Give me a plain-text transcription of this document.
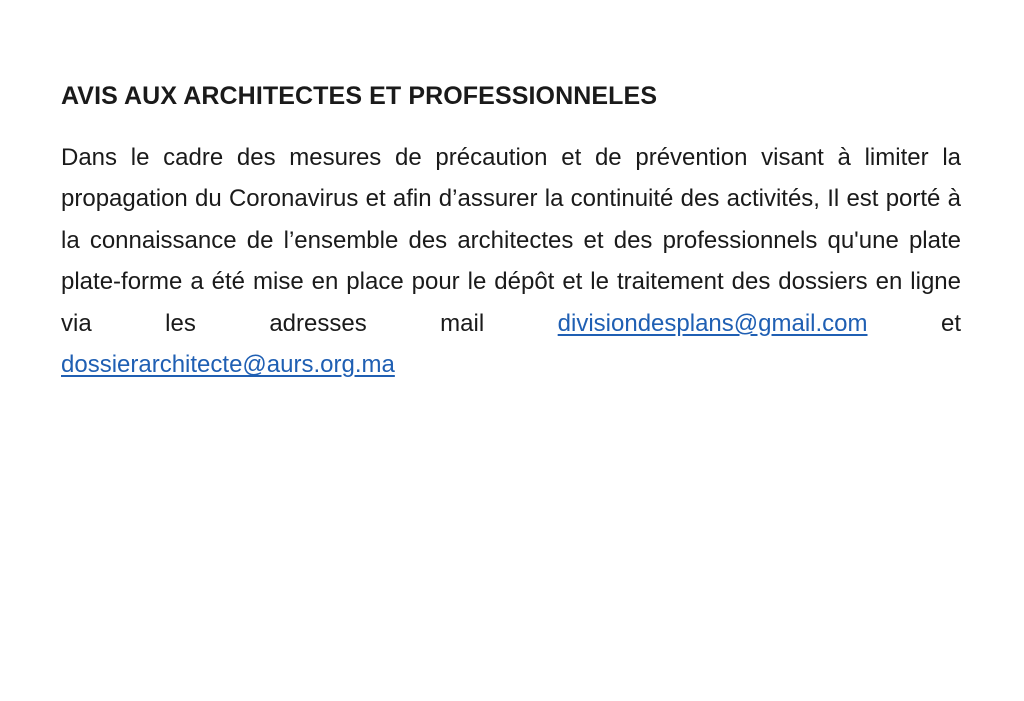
AVIS AUX ARCHITECTES ET PROFESSIONNELES

Dans le cadre des mesures de précaution et de prévention visant à limiter la propagation du Coronavirus et afin d’assurer la continuité des activités, Il est porté à la connaissance de l’ensemble des architectes et des professionnels qu'une plate plate-forme a été mise en place pour le dépôt et le traitement des dossiers en ligne via les adresses mail	divisiondesplans@gmail.com	et dossierarchitecte@aurs.org.ma
